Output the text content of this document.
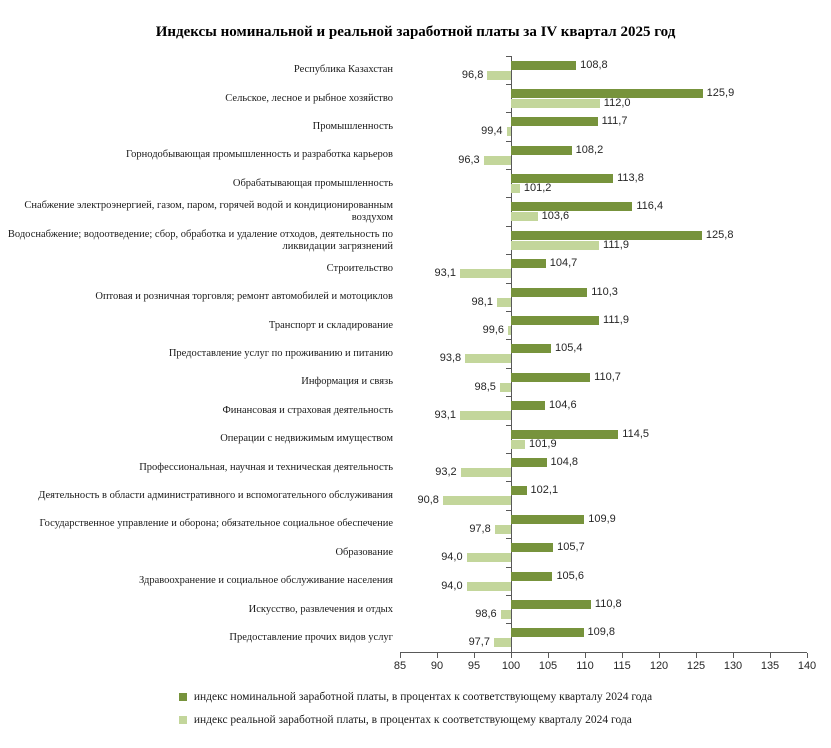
Индексы номинальной и реальной заработной платы за IV квартал 2025 год
Республика Казахстан	108,8
96,8
Сельское, лесное и рыбное хозяйство	125,9
112,0
Промышленность	111,7
99,4
Горнодобывающая промышленность и разработка карьеров	108,2
96,3
Обрабатывающая промышленность	113,8
101,2
Снабжение электроэнергией, газом, паром, горячей водой и кондиционированным воздухом
116,4
103,6
Водоснабжение; водоотведение; сбор, обработка и удаление отходов, деятельность по ликвидации загрязнений
125,8
111,9
Строительство	104,7
93,1
Оптовая и розничная торговля; ремонт автомобилей и мотоциклов	110,3
98,1
Транспорт и складирование	111,9
99,6
Предоставление услуг по проживанию и питанию	105,4
93,8
Информация и связь	110,7
98,5
Финансовая и страховая деятельность	104,6
93,1
Операции с недвижимым имуществом	114,5
101,9
Профессиональная, научная и техническая деятельность	104,8
93,2
Деятельность в области административного и вспомогательного обслуживания	102,1
90,8
Государственное управление и оборона; обязательное социальное обеспечение	109,9
97,8
Образование	105,7
94,0
Здравоохранение и социальное обслуживание населения	105,6
94,0
Искусство, развлечения и отдых	110,8
98,6
Предоставление прочих видов услуг	109,8
97,7
85 90 95 100 105 110 115 120 125 130 135 140
индекс номинальной заработной платы, в процентах к соответствующему кварталу 2024 года
индекс реальной заработной платы, в процентах к соответствующему кварталу 2024 года
